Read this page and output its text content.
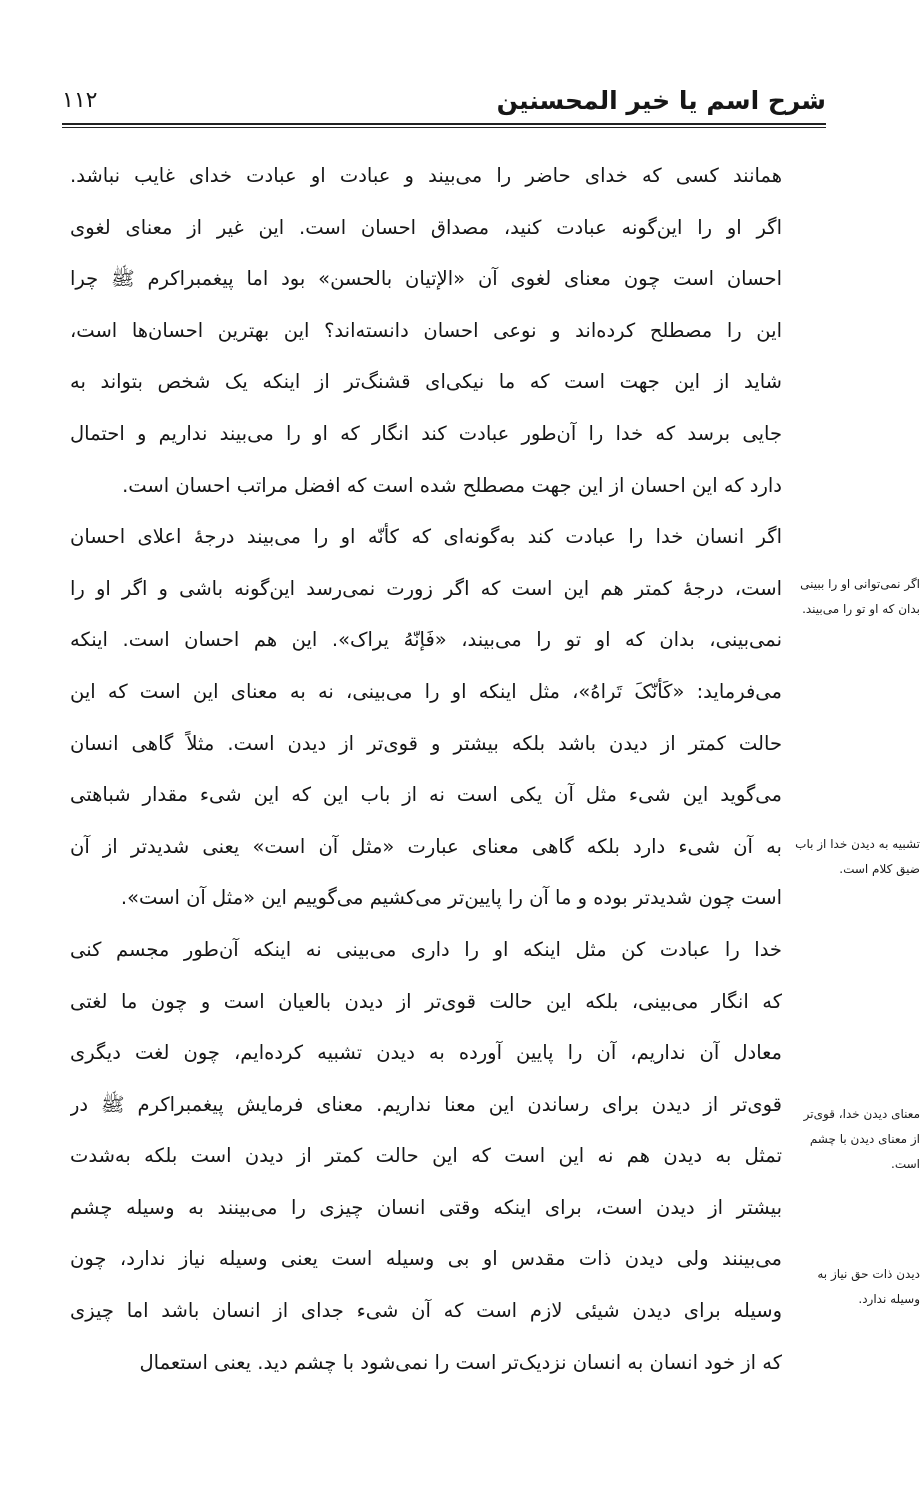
شرح اسم يا خير المحسنين
۱۱۲
همانند کسی که خدای حاضر را می‌بیند و عبادت او عبادت خدای غایب نباشد.
اگر او را این‌گونه عبادت کنید، مصداق احسان است. این غیر از معنای لغوی
احسان است چون معنای لغوی آن «الإتیان بالحسن» بود اما پیغمبراکرم ﷺ چرا
این را مصطلح کرده‌اند و نوعی احسان دانسته‌اند؟ این بهترین احسان‌ها است،
شاید از این جهت است که ما نیکی‌ای قشنگ‌تر از اینکه یک شخص بتواند به
جایی برسد که خدا را آن‌طور عبادت کند انگار که او را می‌بیند نداریم و احتمال
دارد که این احسان از این جهت مصطلح شده است که افضل مراتب احسان است.
اگر انسان خدا را عبادت کند به‌گونه‌ای که کأنّه او را می‌بیند درجهٔ اعلای احسان
است، درجهٔ کمتر هم این است که اگر زورت نمی‌رسد این‌گونه باشی و اگر او را
نمی‌بینی، بدان که او تو را می‌بیند، «فَإنّهُ یراک». این هم احسان است. اینکه
می‌فرماید: «کَأنّکَ تَراهُ»، مثل اینکه او را می‌بینی، نه به معنای این است که این
حالت کمتر از دیدن باشد بلکه بیشتر و قوی‌تر از دیدن است. مثلاً گاهی انسان
می‌گوید این شیء مثل آن یکی است نه از باب این که این شیء مقدار شباهتی
به آن شیء دارد بلکه گاهی معنای عبارت «مثل آن است» یعنی شدیدتر از آن
است چون شدیدتر بوده و ما آن را پایین‌تر می‌کشیم می‌گوییم این «مثل آن است».
خدا را عبادت کن مثل اینکه او را داری می‌بینی نه اینکه آن‌طور مجسم کنی
که انگار می‌بینی، بلکه این حالت قوی‌تر از دیدن بالعیان است و چون ما لغتی
معادل آن نداریم، آن را پایین آورده به دیدن تشبیه کرده‌ایم، چون لغت دیگری
قوی‌تر از دیدن برای رساندن این معنا نداریم. معنای فرمایش پیغمبراکرم ﷺ در
تمثل به دیدن هم نه این است که این حالت کمتر از دیدن است بلکه به‌شدت
بیشتر از دیدن است، برای اینکه وقتی انسان چیزی را می‌بینند به وسیله چشم
می‌بینند ولی دیدن ذات مقدس او بی وسیله است یعنی وسیله نیاز ندارد، چون
وسیله برای دیدن شیئی لازم است که آن شیء جدای از انسان باشد اما چیزی
که از خود انسان به انسان نزدیک‌تر است را نمی‌شود با چشم دید. یعنی استعمال
اگر نمی‌توانی او را ببینی بدان که او تو را می‌بیند.
تشبیه به دیدن خدا از باب ضیق کلام است.
معنای دیدن خدا، قوی‌تر از معنای دیدن با چشم است.
دیدن ذات حق نیاز به وسیله ندارد.
